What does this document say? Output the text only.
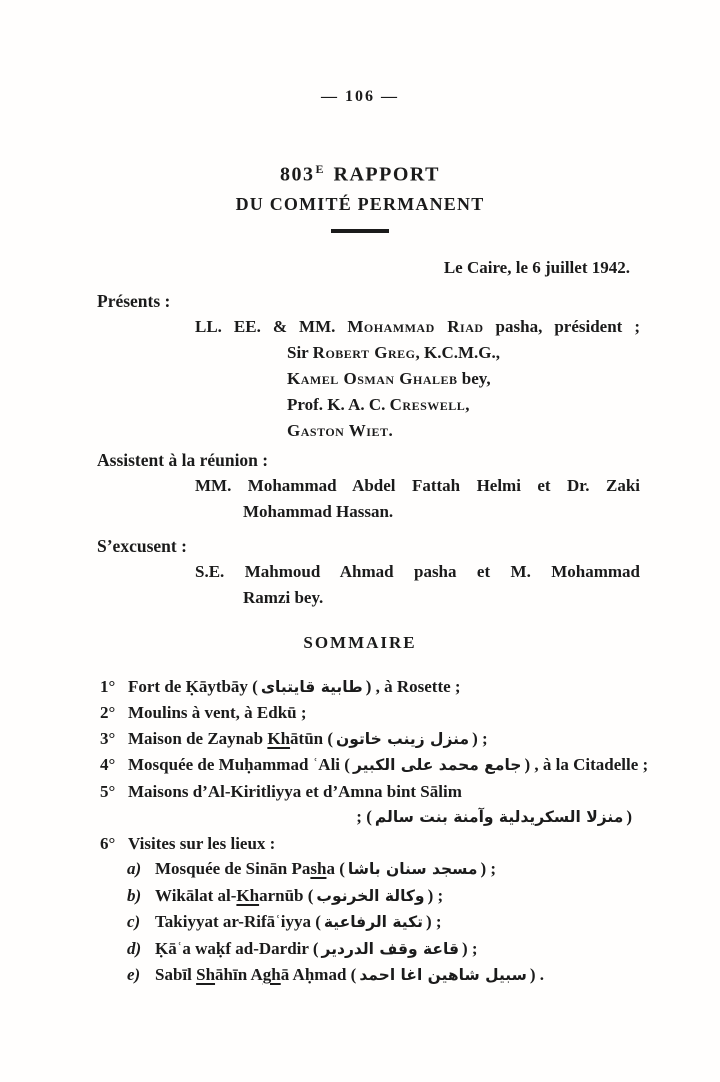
— 106 —
$803^E$ RAPPORT
DU COMITÉ PERMANENT
Le Caire, le 6 juillet 1942.
Présents :
LL. EE. & MM. Mohammad Riad pasha, président ;
Sir Robert Greg, K.C.M.G.,
Kamel Osman Ghaleb bey,
Prof. K. A. C. Creswell,
Gaston Wiet.
Assistent à la réunion :
MM. Mohammad Abdel Fattah Helmi et Dr. Zaki
Mohammad Hassan.
S’excusent :
S.E. Mahmoud Ahmad pasha et M. Mohammad
Ramzi bey.
SOMMAIRE
1° Fort de Ḳāytbāy ( طابية قايتباى ) , à Rosette ;
2° Moulins à vent, à Edkū ;
3° Maison de Zaynab Khātūn ( منزل زينب خاتون ) ;
4° Mosquée de Muḥammad ʿAli ( جامع محمد على الكبير ) , à la Citadelle ;
5° Maisons d’Al-Kiritliyya et d’Amna bint Sālim
; ( منزلا السكريدلية وآمنة بنت سالم )
6° Visites sur les lieux :
a) Mosquée de Sinān Pasha ( مسجد سنان باشا ) ;
b) Wikālat al-Kharnūb ( وكالة الخرنوب ) ;
c) Takiyyat ar-Rifāʿiyya ( تكية الرفاعية ) ;
d) Ḳāʿa waḳf ad-Dardir ( قاعة وقف الدردير ) ;
e) Sabīl Shāhīn Aghā Aḥmad ( سبيل شاهين اغا احمد ) .
